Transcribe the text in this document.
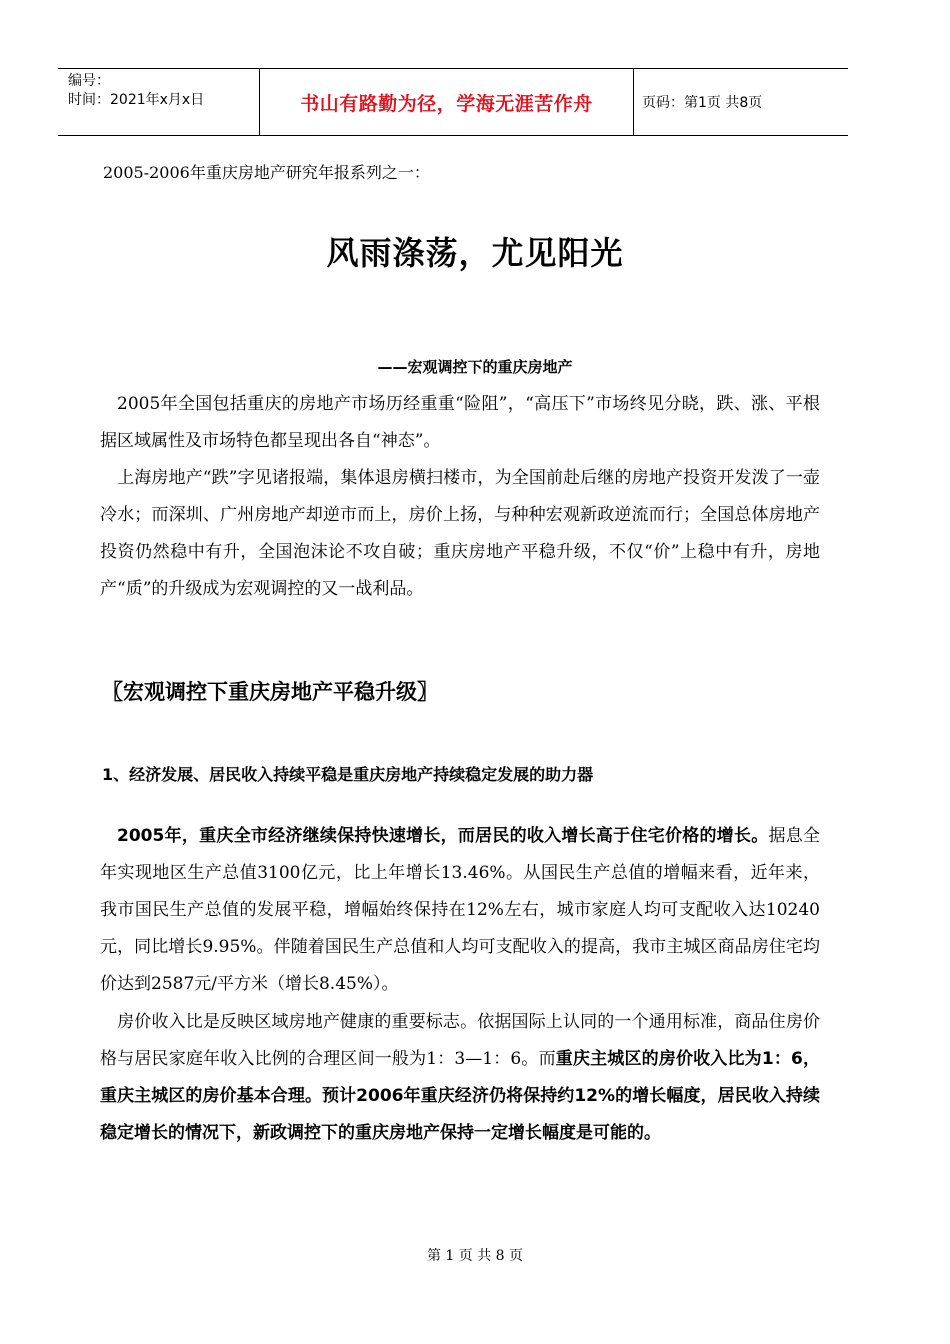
编号：
时间：2021年x月x日	书山有路勤为径，学海无涯苦作舟	页码：第1页 共8页
2005-2006年重庆房地产研究年报系列之一：
风雨涤荡，尤见阳光
——宏观调控下的重庆房地产
2005年全国包括重庆的房地产市场历经重重“险阻”，“高压下”市场终见分晓，跌、涨、平根据区域属性及市场特色都呈现出各自“神态”。
上海房地产“跌”字见诸报端，集体退房横扫楼市，为全国前赴后继的房地产投资开发泼了一壶冷水；而深圳、广州房地产却逆市而上，房价上扬，与种种宏观新政逆流而行；全国总体房地产投资仍然稳中有升，全国泡沫论不攻自破；重庆房地产平稳升级，不仅“价”上稳中有升，房地产“质”的升级成为宏观调控的又一战利品。
〖宏观调控下重庆房地产平稳升级〗
1、经济发展、居民收入持续平稳是重庆房地产持续稳定发展的助力器
2005年，重庆全市经济继续保持快速增长，而居民的收入增长高于住宅价格的增长。据息全年实现地区生产总值3100亿元，比上年增长13.46%。从国民生产总值的增幅来看，近年来，我市国民生产总值的发展平稳，增幅始终保持在12%左右，城市家庭人均可支配收入达10240元，同比增长9.95%。伴随着国民生产总值和人均可支配收入的提高，我市主城区商品房住宅均价达到2587元/平方米（增长8.45%）。
房价收入比是反映区域房地产健康的重要标志。依据国际上认同的一个通用标准，商品住房价格与居民家庭年收入比例的合理区间一般为1：3—1：6。而重庆主城区的房价收入比为1：6，重庆主城区的房价基本合理。预计2006年重庆经济仍将保持约12%的增长幅度，居民收入持续稳定增长的情况下，新政调控下的重庆房地产保持一定增长幅度是可能的。
第 1 页 共 8 页
